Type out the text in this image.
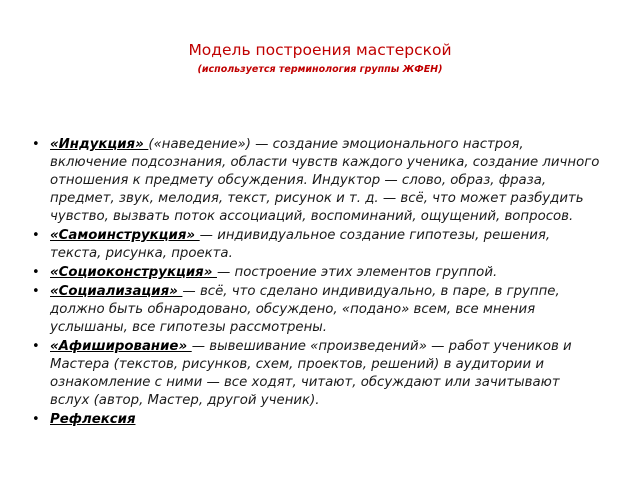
Модель построения мастерской
(используется терминология группы ЖФЕН)
• «Индукция» («наведение») — создание эмоционального настроя, включение подсознания, области чувств каждого ученика, создание личного отношения к предмету обсуждения. Индуктор — слово, образ, фраза, предмет, звук, мелодия, текст, рисунок и т. д. — всё, что может разбудить чувство, вызвать поток ассоциаций, воспоминаний, ощущений, вопросов.
• «Самоинструкция» — индивидуальное создание гипотезы, решения, текста, рисунка, проекта.
• «Социоконструкция» — построение этих элементов группой.
• «Социализация» — всё, что сделано индивидуально, в паре, в группе, должно быть обнародовано, обсуждено, «подано» всем, все мнения услышаны, все гипотезы рассмотрены.
• «Афиширование» — вывешивание «произведений» — работ учеников и Мастера (текстов, рисунков, схем, проектов, решений) в аудитории и ознакомление с ними — все ходят, читают, обсуждают или зачитывают вслух (автор, Мастер, другой ученик).
• Рефлексия
